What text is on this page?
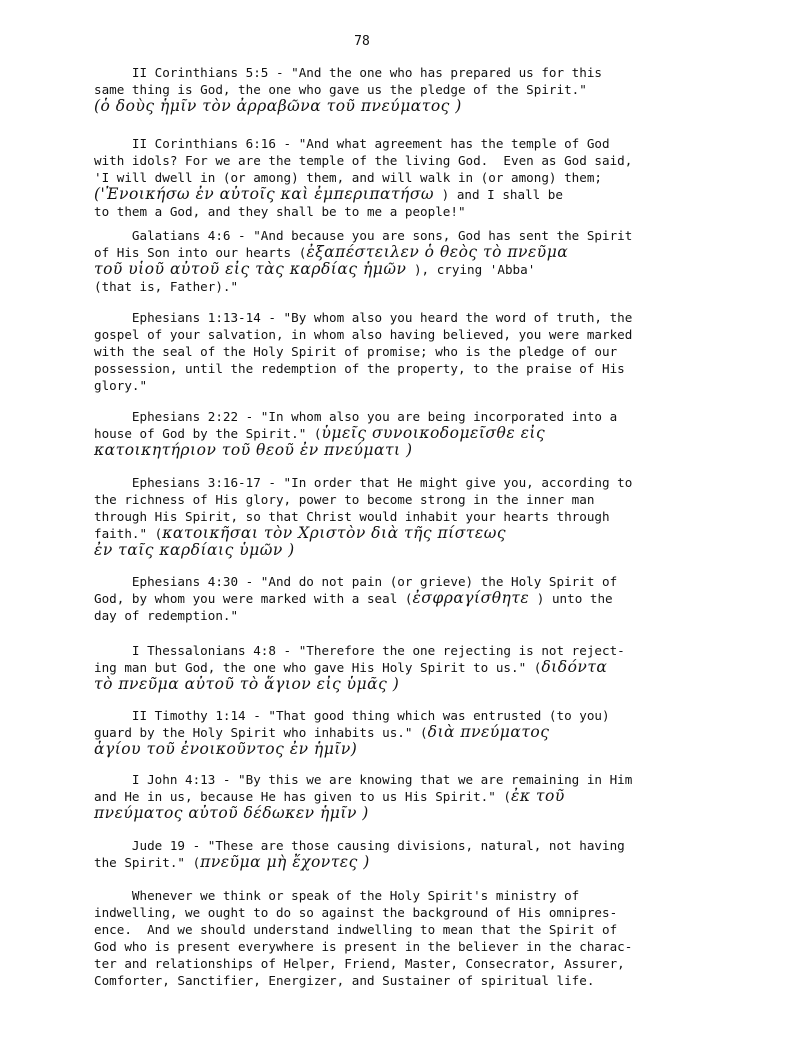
78
II Corinthians 5:5 - "And the one who has prepared us for this
same thing is God, the one who gave us the pledge of the Spirit."
(ὁ δοὺς ἡμῖν τὸν ἀρραβῶνα τοῦ πνεύματος )
II Corinthians 6:16 - "And what agreement has the temple of God
with idols? For we are the temple of the living God.  Even as God said,
'I will dwell in (or among) them, and will walk in (or among) them;
('Ἐνοικήσω ἐν αὐτοῖς καὶ ἐμπεριπατήσω ) and I shall be
to them a God, and they shall be to me a people!"
Galatians 4:6 - "And because you are sons, God has sent the Spirit
of His Son into our hearts (ἐξαπέστειλεν ὁ θεὸς τὸ πνεῦμα
τοῦ υἱοῦ αὐτοῦ εἰς τὰς καρδίας ἡμῶν ), crying 'Abba'
(that is, Father)."
Ephesians 1:13-14 - "By whom also you heard the word of truth, the
gospel of your salvation, in whom also having believed, you were marked
with the seal of the Holy Spirit of promise; who is the pledge of our
possession, until the redemption of the property, to the praise of His
glory."
Ephesians 2:22 - "In whom also you are being incorporated into a
house of God by the Spirit." (ὑμεῖς συνοικοδομεῖσθε εἰς
κατοικητήριον τοῦ θεοῦ ἐν πνεύματι )
Ephesians 3:16-17 - "In order that He might give you, according to
the richness of His glory, power to become strong in the inner man
through His Spirit, so that Christ would inhabit your hearts through
faith." (κατοικῆσαι τὸν Χριστὸν διὰ τῆς πίστεως
ἐν ταῖς καρδίαις ὑμῶν )
Ephesians 4:30 - "And do not pain (or grieve) the Holy Spirit of
God, by whom you were marked with a seal (ἐσφραγίσθητε ) unto the
day of redemption."
I Thessalonians 4:8 - "Therefore the one rejecting is not reject-
ing man but God, the one who gave His Holy Spirit to us." (διδόντα
τὸ πνεῦμα αὐτοῦ τὸ ἅγιον εἰς ὑμᾶς )
II Timothy 1:14 - "That good thing which was entrusted (to you)
guard by the Holy Spirit who inhabits us." (διὰ πνεύματος
ἁγίου τοῦ ἐνοικοῦντος ἐν ἡμῖν)
I John 4:13 - "By this we are knowing that we are remaining in Him
and He in us, because He has given to us His Spirit." (ἐκ τοῦ
πνεύματος αὐτοῦ δέδωκεν ἡμῖν )
Jude 19 - "These are those causing divisions, natural, not having
the Spirit." (πνεῦμα μὴ ἔχοντες )
Whenever we think or speak of the Holy Spirit's ministry of
indwelling, we ought to do so against the background of His omnipres-
ence.  And we should understand indwelling to mean that the Spirit of
God who is present everywhere is present in the believer in the charac-
ter and relationships of Helper, Friend, Master, Consecrator, Assurer,
Comforter, Sanctifier, Energizer, and Sustainer of spiritual life.
